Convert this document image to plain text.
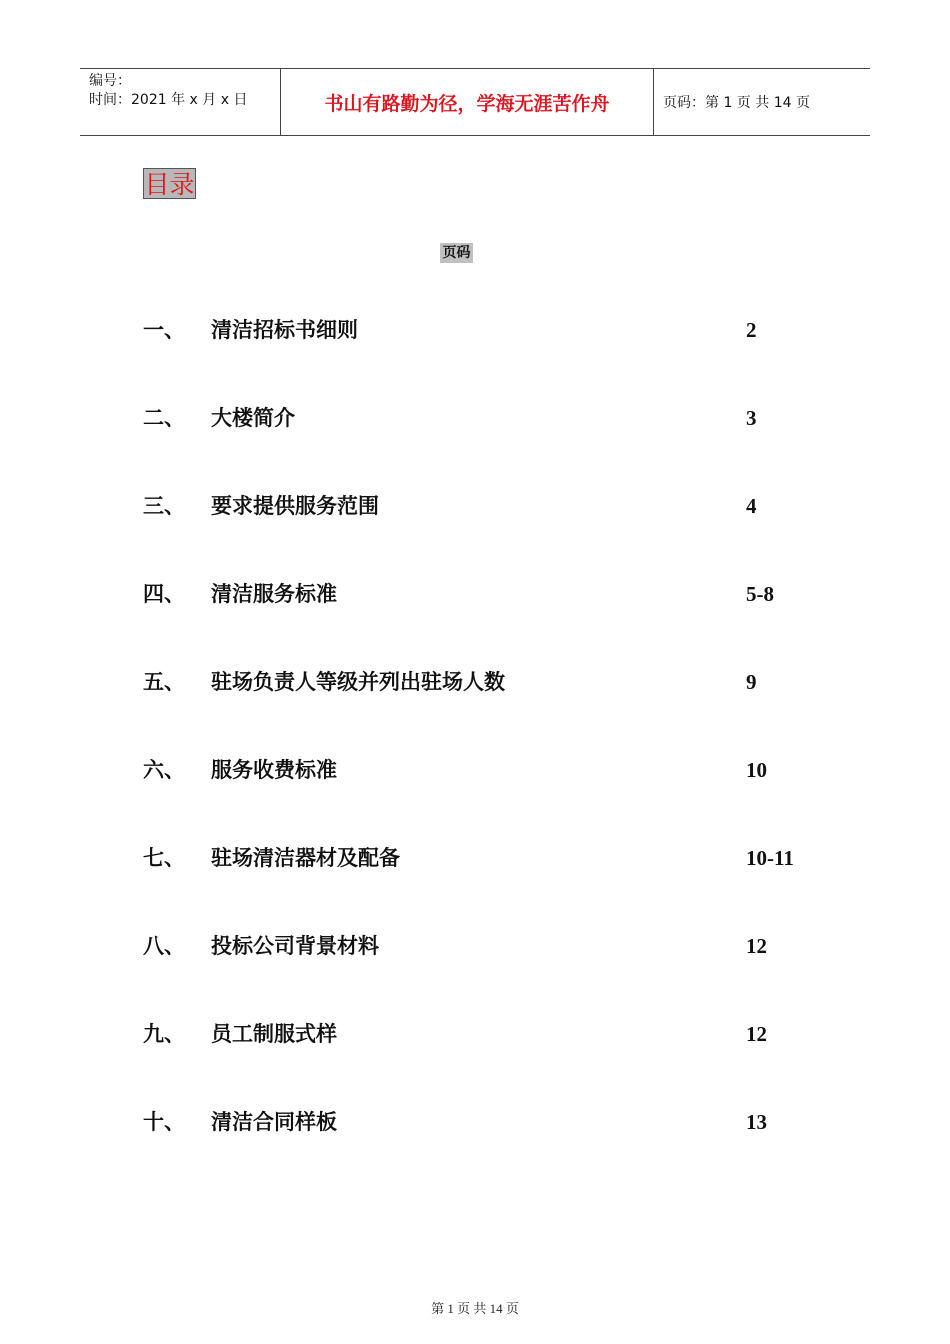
编号：
时间：2021 年 x 月 x 日	书山有路勤为径，学海无涯苦作舟	页码：第 1 页 共 14 页
目录
页码
一、 清洁招标书细则	2
二、 大楼简介	3
三、 要求提供服务范围	4
四、 清洁服务标准	5-8
五、 驻场负责人等级并列出驻场人数	9
六、 服务收费标准	10
七、 驻场清洁器材及配备	10-11
八、 投标公司背景材料	12
九、 员工制服式样	12
十、 清洁合同样板	13
第 1 页 共 14 页
